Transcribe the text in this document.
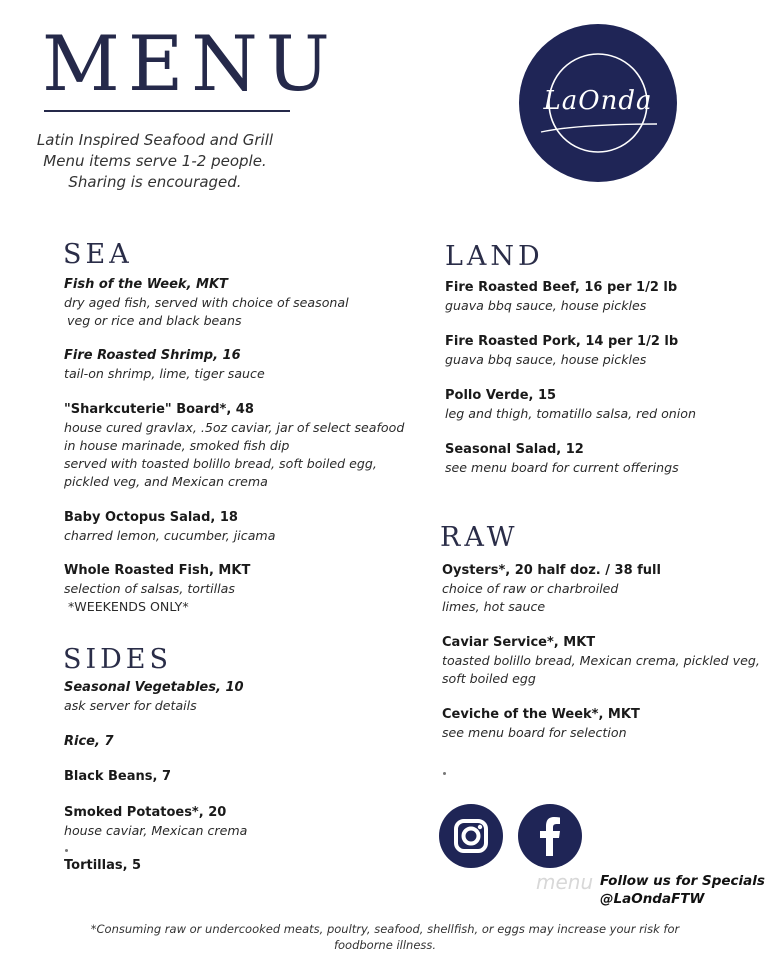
MENU
Latin Inspired Seafood and Grill
Menu items serve 1-2 people.
Sharing is encouraged.
LaOnda
SEA
Fish of the Week, MKT
dry aged fish, served with choice of seasonal
veg or rice and black beans
Fire Roasted Shrimp, 16
tail-on shrimp, lime, tiger sauce
"Sharkcuterie" Board*, 48
house cured gravlax, .5oz caviar, jar of select seafood
in house marinade, smoked fish dip
served with toasted bolillo bread, soft boiled egg,
pickled veg, and Mexican crema
Baby Octopus Salad, 18
charred lemon, cucumber, jicama
Whole Roasted Fish, MKT
selection of salsas, tortillas
*WEEKENDS ONLY*
SIDES
Seasonal Vegetables, 10
ask server for details
Rice, 7
Black Beans, 7
Smoked Potatoes*, 20
house caviar, Mexican crema
Tortillas, 5
LAND
Fire Roasted Beef, 16 per 1/2 lb
guava bbq sauce, house pickles
Fire Roasted Pork, 14 per 1/2 lb
guava bbq sauce, house pickles
Pollo Verde, 15
leg and thigh, tomatillo salsa, red onion
Seasonal Salad, 12
see menu board for current offerings
RAW
Oysters*, 20 half doz. / 38 full
choice of raw or charbroiled
limes, hot sauce
Caviar Service*, MKT
toasted bolillo bread, Mexican crema, pickled veg,
soft boiled egg
Ceviche of the Week*, MKT
see menu board for selection
menu Follow us for Specials
@LaOndaFTW
*Consuming raw or undercooked meats, poultry, seafood, shellfish, or eggs may increase your risk for foodborne illness.
